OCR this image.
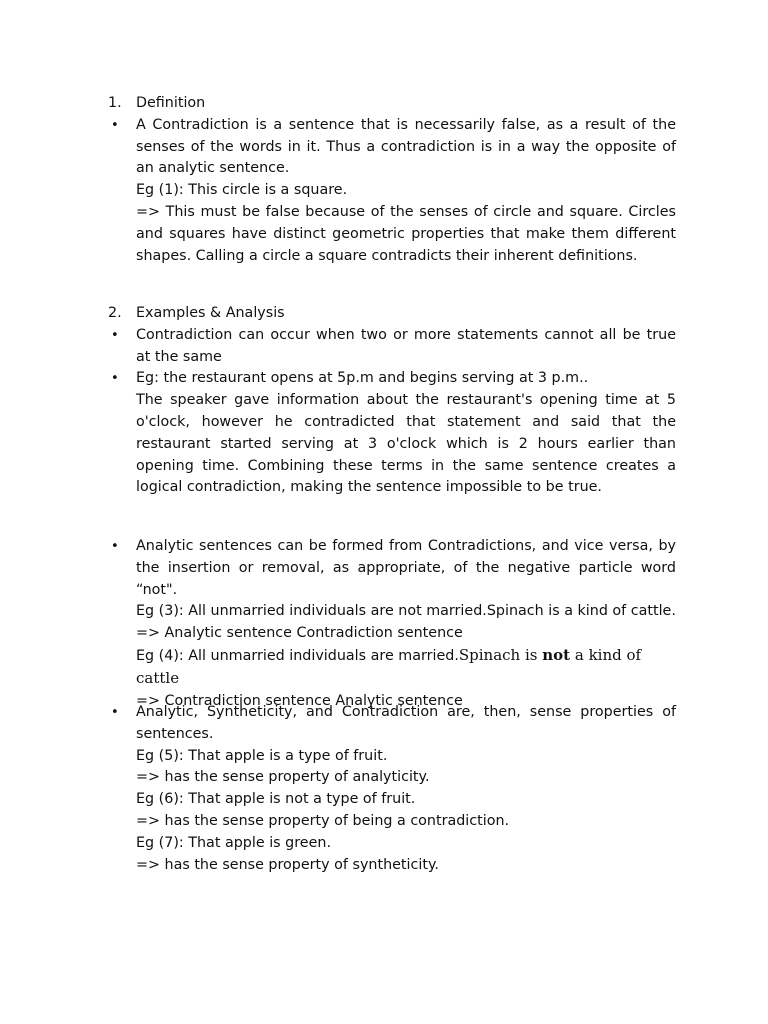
1. Definition
• A Contradiction is a sentence that is necessarily false, as a result of the senses of the words in it. Thus a contradiction is in a way the opposite of an analytic sentence.
Eg (1): This circle is a square.
=> This must be false because of the senses of circle and square. Circles and squares have distinct geometric properties that make them different shapes. Calling a circle a square contradicts their inherent definitions.
2. Examples & Analysis
• Contradiction can occur when two or more statements cannot all be true at the same
• Eg: the restaurant opens at 5p.m and begins serving at 3 p.m..
The speaker gave information about the restaurant's opening time at 5 o'clock, however he contradicted that statement and said that the restaurant started serving at 3 o'clock which is 2 hours earlier than opening time. Combining these terms in the same sentence creates a logical contradiction, making the sentence impossible to be true.
• Analytic sentences can be formed from Contradictions, and vice versa, by the insertion or removal, as appropriate, of the negative particle word “not".
Eg (3): All unmarried individuals are not married.Spinach is a kind of cattle.
=> Analytic sentence Contradiction sentence
Eg (4): All unmarried individuals are married.Spinach is not a kind of cattle
=> Contradiction sentence Analytic sentence
• Analytic, Syntheticity, and Contradiction are, then, sense properties of sentences.
Eg (5): That apple is a type of fruit.
=> has the sense property of analyticity.
Eg (6): That apple is not a type of fruit.
=> has the sense property of being a contradiction.
Eg (7): That apple is green.
=> has the sense property of syntheticity.
